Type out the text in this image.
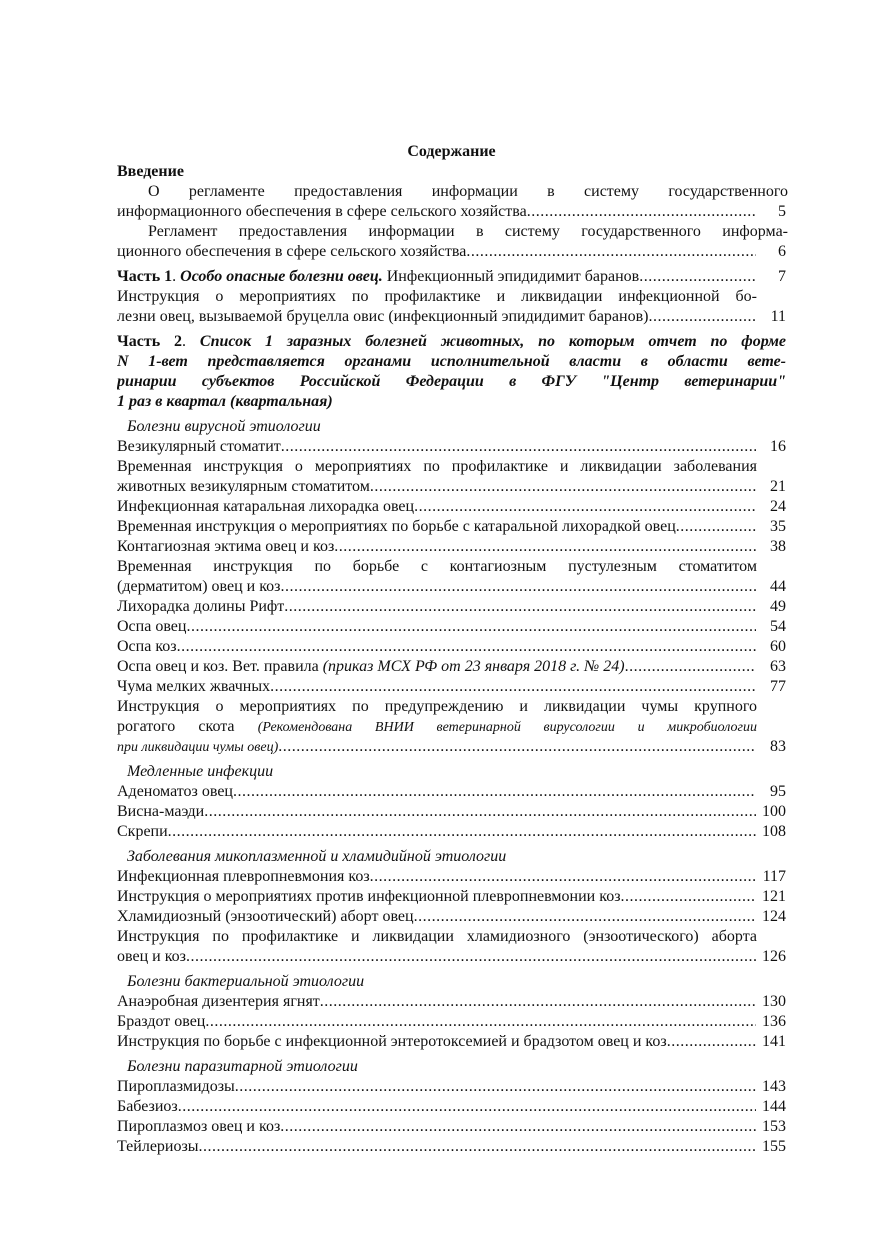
Содержание
Введение
О регламенте предоставления информации в систему государственного
информационного обеспечения в сфере сельского хозяйства .....	5
Регламент предоставления информации в систему государственного информа-
ционного обеспечения в сфере сельского хозяйства .....	6
Часть 1. Особо опасные болезни овец. Инфекционный эпидидимит баранов .....	7
Инструкция о мероприятиях по профилактике и ликвидации инфекционной бо-
лезни овец, вызываемой бруцелла овис (инфекционный эпидидимит баранов) .....	11
Часть 2. Список 1 заразных болезней животных, по которым отчет по форме
N 1-вет представляется органами исполнительной власти в области вете-
ринарии субъектов Российской Федерации в ФГУ "Центр ветеринарии"
1 раз в квартал (квартальная)
Болезни вирусной этиологии
Везикулярный стоматит .....	16
Временная инструкция о мероприятиях по профилактике и ликвидации заболевания
животных везикулярным стоматитом .....	21
Инфекционная катаральная лихорадка овец .....	24
Временная инструкция о мероприятиях по борьбе с катаральной лихорадкой овец .....	35
Контагиозная эктима овец и коз .....	38
Временная инструкция по борьбе с контагиозным пустулезным стоматитом
(дерматитом) овец и коз .....	44
Лихорадка долины Рифт .....	49
Оспа овец .....	54
Оспа коз .....	60
Оспа овец и коз. Вет. правила (приказ МСХ РФ от 23 января 2018 г. № 24) .....	63
Чума мелких жвачных .....	77
Инструкция о мероприятиях по предупреждению и ликвидации чумы крупного
рогатого скота (Рекомендована ВНИИ ветеринарной вирусологии и микробиологии
при ликвидации чумы овец) .....	83
Медленные инфекции
Аденоматоз овец .....	95
Висна-маэди .....	100
Скрепи .....	108
Заболевания микоплазменной и хламидийной этиологии
Инфекционная плевропневмония коз .....	117
Инструкция о мероприятиях против инфекционной плевропневмонии коз .....	121
Хламидиозный (энзоотический) аборт овец .....	124
Инструкция по профилактике и ликвидации хламидиозного (энзоотического) аборта
овец и коз .....	126
Болезни бактериальной этиологии
Анаэробная дизентерия ягнят .....	130
Браздот овец .....	136
Инструкция по борьбе с инфекционной энтеротоксемией и брадзотом овец и коз .....	141
Болезни паразитарной этиологии
Пироплазмидозы .....	143
Бабезиоз .....	144
Пироплазмоз овец и коз .....	153
Тейлериозы .....	155
